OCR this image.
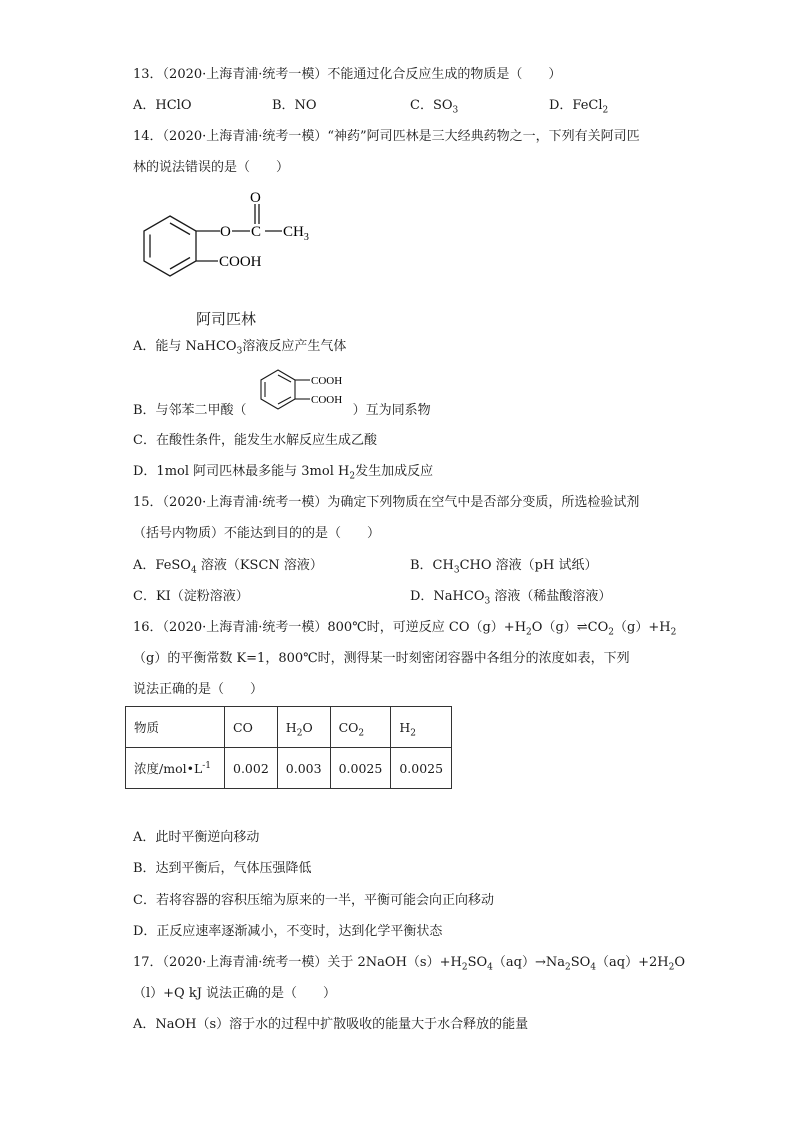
13．（2020·上海青浦·统考一模）不能通过化合反应生成的物质是（　　）
A．HClO	B．NO	C．$SO_3$	D．FeCl$_2$
14．（2020·上海青浦·统考一模）“神药”阿司匹林是三大经典药物之一，下列有关阿司匹
林的说法错误的是（　　）
O
O
C $CH_3$
COOH
阿司匹林
A．能与 NaHCO$_3$溶液反应产生气体
B．与邻苯二甲酸（	）互为同系物
COOH
COOH
C．在酸性条件，能发生水解反应生成乙酸
D．1mol 阿司匹林最多能与 3mol $H_2$发生加成反应
15．（2020·上海青浦·统考一模）为确定下列物质在空气中是否部分变质，所选检验试剂
（括号内物质）不能达到目的的是（　　）
A．FeSO$_4$ 溶液（KSCN 溶液）	B．$CH_3CHO$ 溶液（pH 试纸）
C．KI（淀粉溶液）	D．NaHCO$_3$ 溶液（稀盐酸溶液）
16．（2020·上海青浦·统考一模）800℃时，可逆反应 $CO(g)+H_2O(g)\rightleftharpoons CO_2(g)+H_2$
（g）的平衡常数 K=1，800℃时，测得某一时刻密闭容器中各组分的浓度如表，下列
说法正确的是（　　）
物质	CO	$H_2O$	$CO_2$	$H_2$
浓度$/mol•L^{-1}$	0.002	0.003	0.0025	0.0025
A．此时平衡逆向移动
B．达到平衡后，气体压强降低
C．若将容器的容积压缩为原来的一半，平衡可能会向正向移动
D．正反应速率逐渐减小，不变时，达到化学平衡状态
17．（2020·上海青浦·统考一模）关于 $2NaOH(s)+H_2SO_4(aq)\to Na_2SO_4(aq)+2H_2O$
（l）+Q kJ 说法正确的是（　　）
A．NaOH（s）溶于水的过程中扩散吸收的能量大于水合释放的能量
